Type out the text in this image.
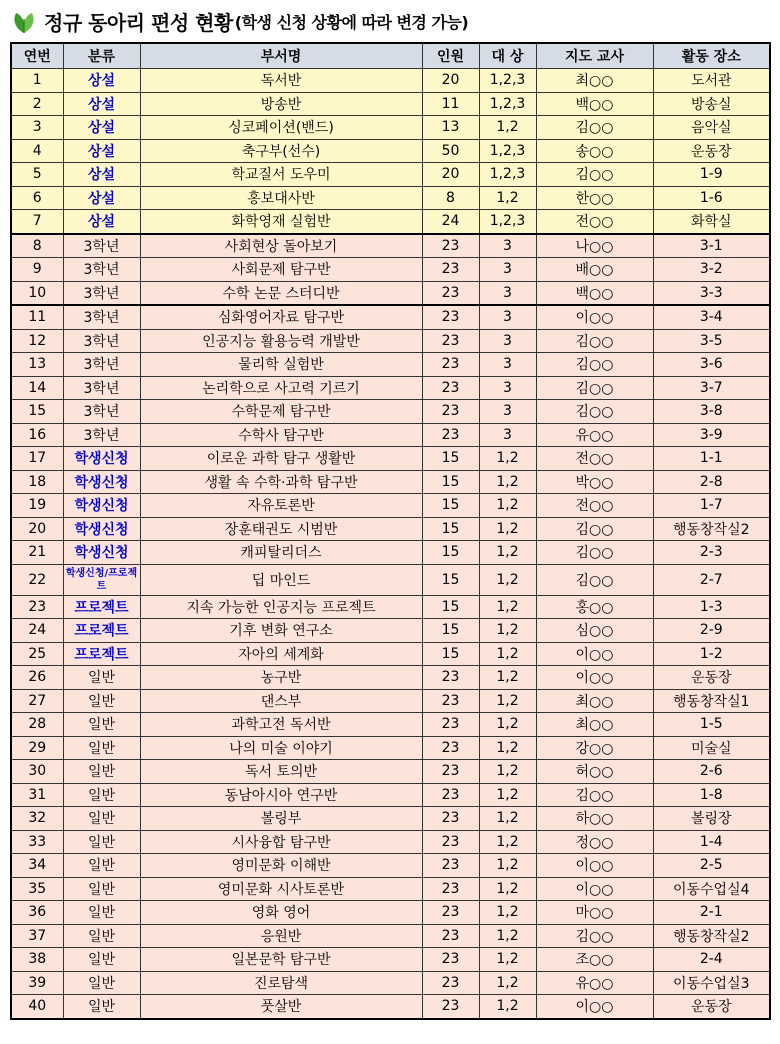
정규 동아리 편성 현황 (학생 신청 상황에 따라 변경 가능)
연번	분류	부서명	인원	대 상	지도 교사	활동 장소
1	상설	독서반	20	1,2,3	최○○	도서관
2	상설	방송반	11	1,2,3	백○○	방송실
3	상설	싱코페이션(밴드)	13	1,2	김○○	음악실
4	상설	축구부(선수)	50	1,2,3	송○○	운동장
5	상설	학교질서 도우미	20	1,2,3	김○○	1-9
6	상설	홍보대사반	8	1,2	한○○	1-6
7	상설	화학영재 실험반	24	1,2,3	전○○	화학실
8	3학년	사회현상 돌아보기	23	3	나○○	3-1
9	3학년	사회문제 탐구반	23	3	배○○	3-2
10	3학년	수학 논문 스터디반	23	3	백○○	3-3
11	3학년	심화영어자료 탐구반	23	3	이○○	3-4
12	3학년	인공지능 활용능력 개발반	23	3	김○○	3-5
13	3학년	물리학 실험반	23	3	김○○	3-6
14	3학년	논리학으로 사고력 기르기	23	3	김○○	3-7
15	3학년	수학문제 탐구반	23	3	김○○	3-8
16	3학년	수학사 탐구반	23	3	유○○	3-9
17	학생신청	이로운 과학 탐구 생활반	15	1,2	전○○	1-1
18	학생신청	생활 속 수학·과학 탐구반	15	1,2	박○○	2-8
19	학생신청	자유토론반	15	1,2	전○○	1-7
20	학생신청	장훈태권도 시범반	15	1,2	김○○	행동창작실2
21	학생신청	캐피탈리더스	15	1,2	김○○	2-3
22	학생신청/프로젝트	딥 마인드	15	1,2	김○○	2-7
23	프로젝트	지속 가능한 인공지능 프로젝트	15	1,2	홍○○	1-3
24	프로젝트	기후 변화 연구소	15	1,2	심○○	2-9
25	프로젝트	자아의 세계화	15	1,2	이○○	1-2
26	일반	농구반	23	1,2	이○○	운동장
27	일반	댄스부	23	1,2	최○○	행동창작실1
28	일반	과학고전 독서반	23	1,2	최○○	1-5
29	일반	나의 미술 이야기	23	1,2	강○○	미술실
30	일반	독서 토의반	23	1,2	허○○	2-6
31	일반	동남아시아 연구반	23	1,2	김○○	1-8
32	일반	볼링부	23	1,2	하○○	볼링장
33	일반	시사융합 탐구반	23	1,2	정○○	1-4
34	일반	영미문화 이해반	23	1,2	이○○	2-5
35	일반	영미문화 시사토론반	23	1,2	이○○	이동수업실4
36	일반	영화 영어	23	1,2	마○○	2-1
37	일반	응원반	23	1,2	김○○	행동창작실2
38	일반	일본문학 탐구반	23	1,2	조○○	2-4
39	일반	진로탐색	23	1,2	유○○	이동수업실3
40	일반	풋살반	23	1,2	이○○	운동장
